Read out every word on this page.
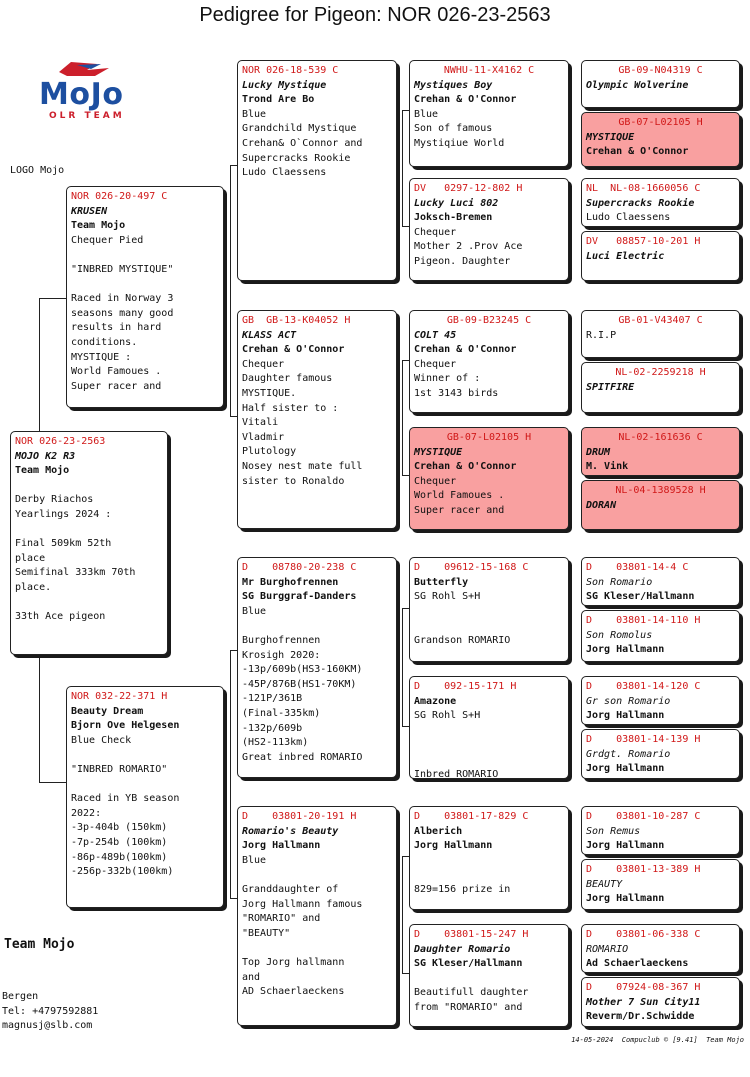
Pedigree for Pigeon: NOR 026-23-2563
MoJo
OLR TEAM
LOGO Mojo
NOR 026-23-2563
MOJO K2 R3
Team Mojo
Derby Riachos
Yearlings 2024 :
Final 509km 52th
place
Semifinal 333km 70th
place.
33th Ace pigeon
NOR 026-20-497 C
KRUSEN
Team Mojo
Chequer Pied
"INBRED MYSTIQUE"
Raced in Norway 3
seasons many good
results in hard
conditions.
MYSTIQUE :
World Famoues .
Super racer and
NOR 032-22-371 H
Beauty Dream
Bjorn Ove Helgesen
Blue Check
"INBRED ROMARIO"
Raced in YB season
2022:
-3p-404b (150km)
-7p-254b (100km)
-86p-489b(100km)
-256p-332b(100km)
NOR 026-18-539 C
Lucky Mystique
Trond Are Bo
Blue
Grandchild Mystique
Crehan& O`Connor and
Supercracks Rookie
Ludo Claessens
GB  GB-13-K04052 H
KLASS ACT
Crehan & O'Connor
Chequer
Daughter famous
MYSTIQUE.
Half sister to :
Vitali
Vladmir
Plutology
Nosey nest mate full
sister to Ronaldo
D    08780-20-238 C
Mr Burghofrennen
SG Burggraf-Danders
Blue
Burghofrennen
Krosigh 2020:
-13p/609b(HS3-160KM)
-45P/876B(HS1-70KM)
-121P/361B
(Final-335km)
-132p/609b
(HS2-113km)
Great inbred ROMARIO
D    03801-20-191 H
Romario's Beauty
Jorg Hallmann
Blue
Granddaughter of
Jorg Hallmann famous
"ROMARIO" and
"BEAUTY"
Top Jorg hallmann
and
AD Schaerlaeckens
NWHU-11-X4162 C
Mystiques Boy
Crehan & O'Connor
Blue
Son of famous
Mystiqiue World
DV   0297-12-802 H
Lucky Luci 802
Joksch-Bremen
Chequer
Mother 2 .Prov Ace
Pigeon. Daughter
GB-09-B23245 C
COLT 45
Crehan & O'Connor
Chequer
Winner of :
1st 3143 birds
GB-07-L02105 H
MYSTIQUE
Crehan & O'Connor
Chequer
World Famoues .
Super racer and
D    09612-15-168 C
Butterfly
SG Rohl S+H
Grandson ROMARIO
D    092-15-171 H
Amazone
SG Rohl S+H
Inbred ROMARIO
D    03801-17-829 C
Alberich
Jorg Hallmann
829=156 prize in
D    03801-15-247 H
Daughter Romario
SG Kleser/Hallmann
Beautifull daughter
from "ROMARIO" and
GB-09-N04319 C
Olympic Wolverine
GB-07-L02105 H
MYSTIQUE
Crehan & O'Connor
NL  NL-08-1660056 C
Supercracks Rookie
Ludo Claessens
DV   08857-10-201 H
Luci Electric
GB-01-V43407 C
R.I.P
NL-02-2259218 H
SPITFIRE
NL-02-161636 C
DRUM
M. Vink
NL-04-1389528 H
DORAN
D    03801-14-4 C
Son Romario
SG Kleser/Hallmann
D    03801-14-110 H
Son Romolus
Jorg Hallmann
D    03801-14-120 C
Gr son Romario
Jorg Hallmann
D    03801-14-139 H
Grdgt. Romario
Jorg Hallmann
D    03801-10-287 C
Son Remus
Jorg Hallmann
D    03801-13-389 H
BEAUTY
Jorg Hallmann
D    03801-06-338 C
ROMARIO
Ad Schaerlaeckens
D    07924-08-367 H
Mother 7 Sun City11
Reverm/Dr.Schwidde
Team Mojo
Bergen
Tel: +4797592881
magnusj@slb.com
14-05-2024  Compuclub © [9.41]  Team Mojo
